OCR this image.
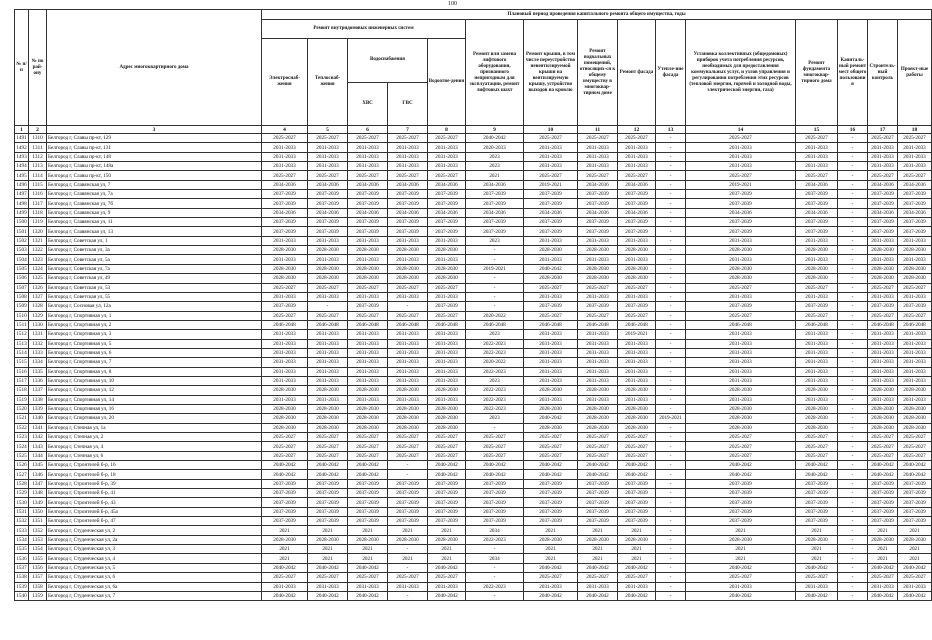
100
№ п/п	№ по рай-ону	Адрес многоквартирного дома	Плановый период проведения капитального ремонта общего имущества, годы														
			Ремонт внутридомовых инженерных систем					Ремонт или замена лифтового оборудования, признанного непригодным для эксплуатации, ремонт лифтовых шахт	Ремонт крыши, в том числе переустройство невентилируемой крыши на вентилируемую крышу, устройство выходов на кровлю	Ремонт подвальных помещений, относящих-ся к общему имуществу в многоквар-тирном доме	Ремонт фасада	Утепле-ние фасада	Установка коллективных (общедомовых) приборов учета потребления ресурсов, необходимых для предоставления коммунальных услуг, и узлов управления и регулирования потребления этих ресурсов (тепловой энергии, горячей и холодной воды, электрической энергии, газа)	Ремонт фундамента многоквар-тирного дома	Капиталь-ный ремонт мест общего пользовани я	Строитель-ный контроль	Проект-ные работы
			Электроснаб-жения	Теплоснаб-жения	Водоснабжения		Водоотве-дения										
					ХВС	ГВС											
1	2	3	4	5	6	7	8	9	10	11	12	13	14	15	16	17	18
1491	1310	Белгород г, Славы пр-кт, 129	2025-2027	2025-2027	2025-2027	2025-2027	2025-2027	2040-2042	2025-2027	2025-2027	2025-2027	-	2025-2027	2025-2027	-	2025-2027	2025-2027
1492	1311	Белгород г, Славы пр-кт, 131	2031-2033	2031-2033	2031-2033	2031-2033	2031-2033	2020-2033	2031-2033	2031-2033	2031-2033	-	2031-2033	2031-2033	-	2031-2033	2031-2033
1493	1312	Белгород г, Славы пр-кт, 148	2031-2033	2031-2033	2031-2033	2031-2033	2031-2033	2023	2031-2033	2031-2033	2031-2033	-	2031-2033	2031-2033	-	2031-2033	2031-2033
1494	1313	Белгород г, Славы пр-кт, 148а	2031-2033	2031-2033	2031-2033	2031-2033	2031-2033	2023	2031-2033	2031-2033	2031-2033	-	2031-2033	2031-2033	-	2031-2033	2031-2033
1495	1314	Белгород г, Славы пр-кт, 150	2025-2027	2025-2027	2025-2027	2025-2027	2025-2027	2021	2025-2027	2025-2027	2025-2027	-	2025-2027	2025-2027	-	2025-2027	2025-2027
1496	1315	Белгород г, Славянская ул, 7	2034-2036	2034-2036	2034-2036	2034-2036	2034-2036	2034-2036	2019-2021	2034-2036	2034-2036	-	2019-2021	2034-2036	-	2034-2036	2034-2036
1497	1316	Белгород г, Славянская ул, 7а	2037-2039	2037-2039	2037-2039	2037-2039	2037-2039	2037-2039	2037-2039	2037-2039	2037-2039	-	2037-2039	2037-2039	-	2037-2039	2037-2039
1498	1317	Белгород г, Славянская ул, 7б	2037-2039	2037-2039	2037-2039	2037-2039	2037-2039	2037-2039	2037-2039	2037-2039	2037-2039	-	2037-2039	2037-2039	-	2037-2039	2037-2039
1499	1318	Белгород г, Славянская ул, 9	2034-2036	2034-2036	2034-2036	2034-2036	2034-2036	2034-2036	2034-2036	2034-2036	2034-2036	-	2034-2036	2034-2036	-	2034-2036	2034-2036
1500	1319	Белгород г, Славянская ул, 11	2037-2039	2037-2039	2037-2039	2037-2039	2037-2039	2037-2039	2037-2039	2037-2039	2037-2039	-	2037-2039	2037-2039	-	2037-2039	2037-2039
1501	1320	Белгород г, Славянская ул, 13	2037-2039	2037-2039	2037-2039	2037-2039	2037-2039	2037-2039	2037-2039	2037-2039	2037-2039	-	2037-2039	2037-2039	-	2037-2039	2037-2039
1502	1321	Белгород г, Советская ул, 1	2031-2033	2031-2033	2031-2033	2031-2033	2031-2033	2023	2031-2033	2031-2033	2031-2033	-	2031-2033	2031-2033	-	2031-2033	2031-2033
1503	1322	Белгород г, Советская ул, 3а	2028-2030	2028-2030	2028-2030	2028-2030	2028-2030	-	2028-2030	2028-2030	2028-2030	-	2028-2030	2028-2030	-	2028-2030	2028-2030
1504	1323	Белгород г, Советская ул, 5а	2031-2033	2031-2033	2031-2033	2031-2033	2031-2033	-	2031-2033	2031-2033	2031-2033	-	2031-2033	2031-2033	-	2031-2033	2031-2033
1505	1324	Белгород г, Советская ул, 7а	2028-2030	2028-2030	2028-2030	2028-2030	2028-2030	2019-2021	2040-2042	2028-2030	2028-2030	-	2028-2030	2028-2030	-	2028-2030	2028-2030
1506	1325	Белгород г, Советская ул, 49	2028-2030	2028-2030	2028-2030	2028-2030	2028-2030	-	2028-2030	2028-2030	2028-2030	-	2028-2030	2028-2030	-	2028-2030	2028-2030
1507	1326	Белгород г, Советская ул, 53	2025-2027	2025-2027	2025-2027	2025-2027	2025-2027	-	2025-2027	2025-2027	2025-2027	-	2025-2027	2025-2027	-	2025-2027	2025-2027
1508	1327	Белгород г, Советская ул, 55	2031-2033	2031-2033	2031-2033	2031-2033	2031-2033	-	2031-2033	2031-2033	2031-2033	-	2031-2033	2031-2033	-	2031-2033	2031-2033
1509	1328	Белгород г, Сосновая ул, 12а	2037-2039	-	2037-2039	-	2037-2039	-	2037-2039	2037-2039	2037-2039	-	2037-2039	2037-2039	-	2037-2039	2037-2039
1510	1329	Белгород г, Спортивная ул, 1	2025-2027	2025-2027	2025-2027	2025-2027	2025-2027	2020-2022	2025-2027	2025-2027	2025-2027	-	2025-2027	2025-2027	-	2025-2027	2025-2027
1511	1330	Белгород г, Спортивная ул, 2	2046-2048	2046-2048	2046-2048	2046-2048	2046-2048	2046-2048	2046-2048	2046-2048	2046-2048	-	2046-2048	2046-2048	-	2046-2048	2046-2048
1512	1331	Белгород г, Спортивная ул, 3	2031-2033	2031-2033	2031-2033	2031-2033	2031-2033	2023	2031-2033	2031-2033	2019-2021	-	2031-2033	2031-2033	-	2031-2033	2031-2033
1513	1332	Белгород г, Спортивная ул, 5	2031-2033	2031-2033	2031-2033	2031-2033	2031-2033	2022-2023	2031-2033	2031-2033	2031-2033	-	2031-2033	2031-2033	-	2031-2033	2031-2033
1514	1333	Белгород г, Спортивная ул, 6	2031-2033	2031-2033	2031-2033	2031-2033	2031-2033	2022-2023	2031-2033	2031-2033	2031-2033	-	2031-2033	2031-2033	-	2031-2033	2031-2033
1515	1334	Белгород г, Спортивная ул, 7	2031-2033	2031-2033	2031-2033	2031-2033	2031-2033	2020-2022	2031-2033	2031-2033	2031-2033	-	2031-2033	2031-2033	-	2031-2033	2031-2033
1516	1335	Белгород г, Спортивная ул, 8	2031-2033	2031-2033	2031-2033	2031-2033	2031-2033	2022-2023	2031-2033	2031-2033	2031-2033	-	2031-2033	2031-2033	-	2031-2033	2031-2033
1517	1336	Белгород г, Спортивная ул, 10	2031-2033	2031-2033	2031-2033	2031-2033	2031-2033	2023	2031-2033	2031-2033	2031-2033	-	2031-2033	2031-2033	-	2031-2033	2031-2033
1518	1337	Белгород г, Спортивная ул, 12	2028-2030	2028-2030	2028-2030	2028-2030	2028-2030	2022-2023	2028-2030	2028-2030	2028-2030	-	2028-2030	2028-2030	-	2028-2030	2028-2030
1519	1338	Белгород г, Спортивная ул, 14	2031-2033	2031-2033	2031-2033	2031-2033	2031-2033	2022-2023	2031-2033	2031-2033	2031-2033	-	2031-2033	2031-2033	-	2031-2033	2031-2033
1520	1339	Белгород г, Спортивная ул, 16	2028-2030	2028-2030	2028-2030	2028-2030	2028-2030	2022-2023	2028-2030	2028-2030	2028-2030	-	2028-2030	2028-2030	-	2028-2030	2028-2030
1521	1340	Белгород г, Спортивная ул, 20	2028-2030	2028-2030	2028-2030	2028-2030	2028-2030	2023	2040-2042	2028-2030	2028-2030	2019-2021	2028-2030	2028-2030	-	2028-2030	2028-2030
1522	1341	Белгород г, Степная ул, 1а	2028-2030	2028-2030	2028-2030	2028-2030	2028-2030	-	2028-2030	2028-2030	2028-2030	-	2028-2030	2028-2030	-	2028-2030	2028-2030
1523	1342	Белгород г, Степная ул, 2	2025-2027	2025-2027	2025-2027	2025-2027	2025-2027	2025-2027	2025-2027	2025-2027	2025-2027	-	2025-2027	2025-2027	-	2025-2027	2025-2027
1524	1343	Белгород г, Степная ул, 4	2025-2027	2025-2027	2025-2027	2025-2027	2025-2027	2025-2027	2025-2027	2025-2027	2025-2027	-	2025-2027	2025-2027	-	2025-2027	2025-2027
1525	1344	Белгород г, Степная ул, 6	2025-2027	2025-2027	2025-2027	2025-2027	2025-2027	2025-2027	2025-2027	2025-2027	2025-2027	-	2025-2027	2025-2027	-	2025-2027	2025-2027
1526	1345	Белгород г, Строителей б-р, 16	2040-2042	2040-2042	2040-2042	-	2040-2042	2040-2042	2040-2042	2040-2042	2040-2042	-	2040-2042	2040-2042	-	2040-2042	2040-2042
1527	1346	Белгород г, Строителей б-р, 18	2040-2042	2040-2042	2040-2042	-	2040-2042	2040-2042	2040-2042	2040-2042	2040-2042	-	2040-2042	2040-2042	-	2040-2042	2040-2042
1528	1347	Белгород г, Строителей б-р, 39	2037-2039	2037-2039	2037-2039	2037-2039	2037-2039	2037-2039	2037-2039	2037-2039	2037-2039	-	2037-2039	2037-2039	-	2037-2039	2037-2039
1529	1348	Белгород г, Строителей б-р, 41	2037-2039	2037-2039	2037-2039	2037-2039	2037-2039	2037-2039	2037-2039	2037-2039	2037-2039	-	2037-2039	2037-2039	-	2037-2039	2037-2039
1530	1349	Белгород г, Строителей б-р, 43	2037-2039	2037-2039	2037-2039	2037-2039	2037-2039	2037-2039	2037-2039	2037-2039	2037-2039	-	2037-2039	2037-2039	-	2037-2039	2037-2039
1531	1350	Белгород г, Строителей б-р, 45а	2037-2039	2037-2039	2037-2039	2037-2039	2037-2039	2037-2039	2037-2039	2037-2039	2037-2039	-	2037-2039	2037-2039	-	2037-2039	2037-2039
1532	1351	Белгород г, Строителей б-р, 47	2037-2039	2037-2039	2037-2039	2037-2039	2037-2039	2037-2039	2037-2039	2037-2039	2037-2039	-	2037-2039	2037-2039	-	2037-2039	2037-2039
1533	1352	Белгород г, Студенческая ул, 2	2021	2021	2021	2021	2021	2034	2021	2021	2021	-	2021	2021	-	2021	2021
1534	1353	Белгород г, Студенческая ул, 2а	2028-2030	2028-2030	2028-2030	2028-2030	2028-2030	2022-2023	2028-2030	2028-2030	2028-2030	-	2028-2030	2028-2030	-	2028-2030	2028-2030
1535	1354	Белгород г, Студенческая ул, 3	2021	2021	2021	-	2021	-	2021	2021	2021	-	2021	2021	-	2021	2021
1536	1355	Белгород г, Студенческая ул, 4	2021	2021	2021	2021	2021	2034	2021	2021	2021	-	2021	2021	-	2021	2021
1537	1356	Белгород г, Студенческая ул, 5	2040-2042	2040-2042	2040-2042	-	2040-2042	-	2040-2042	2040-2042	2040-2042	-	2040-2042	2040-2042	-	2040-2042	2040-2042
1538	1357	Белгород г, Студенческая ул, 6	2025-2027	2025-2027	2025-2027	2025-2027	2025-2027	-	2025-2027	2025-2027	2025-2027	-	2025-2027	2025-2027	-	2025-2027	2025-2027
1539	1358	Белгород г, Студенческая ул, 6а	2031-2033	2031-2033	2031-2033	2031-2033	2031-2033	2022-2023	2031-2033	2031-2033	2031-2033	-	2031-2033	2031-2033	-	2031-2033	2031-2033
1540	1359	Белгород г, Студенческая ул, 7	2040-2042	2040-2042	2040-2042	-	2040-2042	-	2040-2042	2040-2042	2040-2042	-	2040-2042	2040-2042	-	2040-2042	2040-2042
